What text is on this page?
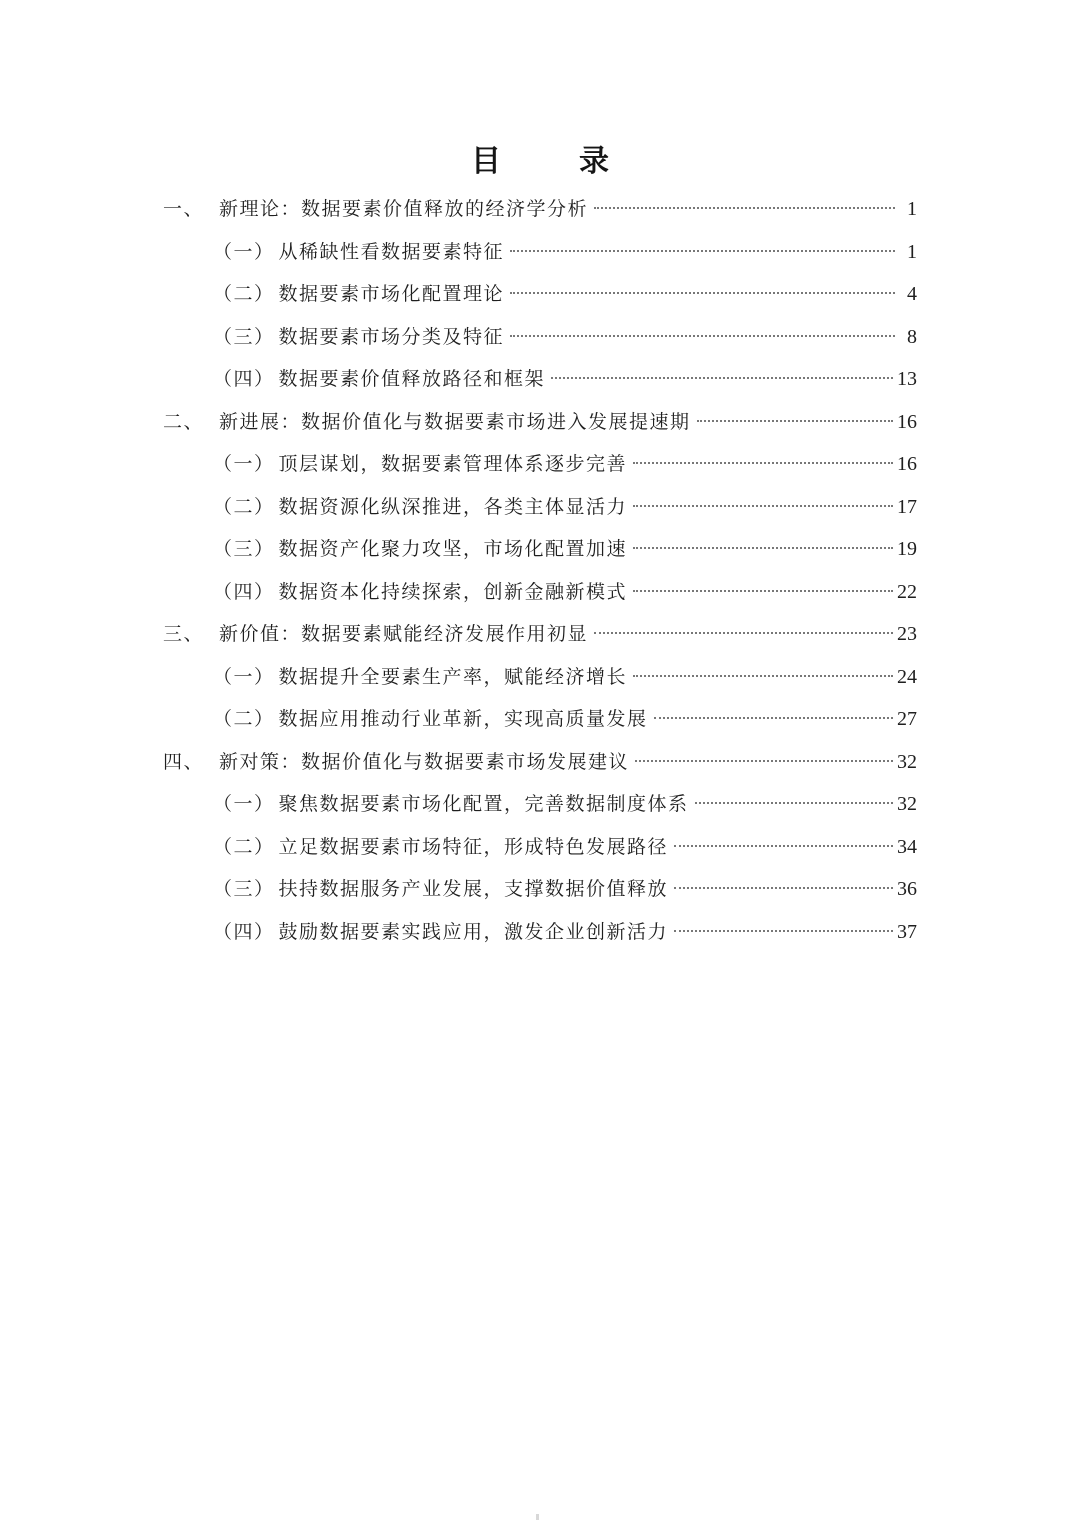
目　录
一、 新理论：数据要素价值释放的经济学分析	1
（一） 从稀缺性看数据要素特征	1
（二） 数据要素市场化配置理论	4
（三） 数据要素市场分类及特征	8
（四） 数据要素价值释放路径和框架	13
二、 新进展：数据价值化与数据要素市场进入发展提速期	16
（一） 顶层谋划，数据要素管理体系逐步完善	16
（二） 数据资源化纵深推进，各类主体显活力	17
（三） 数据资产化聚力攻坚，市场化配置加速	19
（四） 数据资本化持续探索，创新金融新模式	22
三、 新价值：数据要素赋能经济发展作用初显	23
（一） 数据提升全要素生产率，赋能经济增长	24
（二） 数据应用推动行业革新，实现高质量发展	27
四、 新对策：数据价值化与数据要素市场发展建议	32
（一） 聚焦数据要素市场化配置，完善数据制度体系	32
（二） 立足数据要素市场特征，形成特色发展路径	34
（三） 扶持数据服务产业发展，支撑数据价值释放	36
（四） 鼓励数据要素实践应用，激发企业创新活力	37
